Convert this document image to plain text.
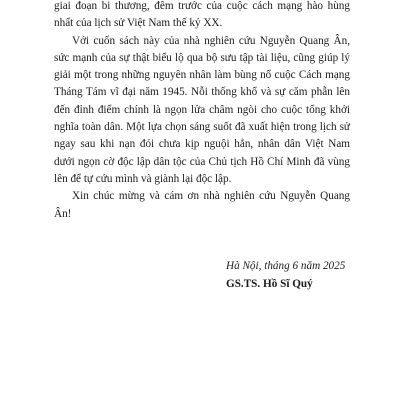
giai đoạn bi thương, đêm trước của cuộc cách mạng hào hùng nhất của lịch sử Việt Nam thế kỷ XX.

Với cuốn sách này của nhà nghiên cứu Nguyễn Quang Ân, sức mạnh của sự thật biểu lộ qua bộ sưu tập tài liệu, cũng giúp lý giải một trong những nguyên nhân làm bùng nổ cuộc Cách mạng Tháng Tám vĩ đại năm 1945. Nỗi thống khổ và sự căm phẫn lên đến đỉnh điểm chính là ngọn lửa châm ngòi cho cuộc tổng khởi nghĩa toàn dân. Một lựa chọn sáng suốt đã xuất hiện trong lịch sử ngay sau khi nạn đói chưa kịp nguội hẳn, nhân dân Việt Nam dưới ngọn cờ độc lập dân tộc của Chủ tịch Hồ Chí Minh đã vùng lên để tự cứu mình và giành lại độc lập.

Xin chúc mừng và cám ơn nhà nghiên cứu Nguyễn Quang Ân!

Hà Nội, tháng 6 năm 2025
GS.TS. Hồ Sĩ Quý
